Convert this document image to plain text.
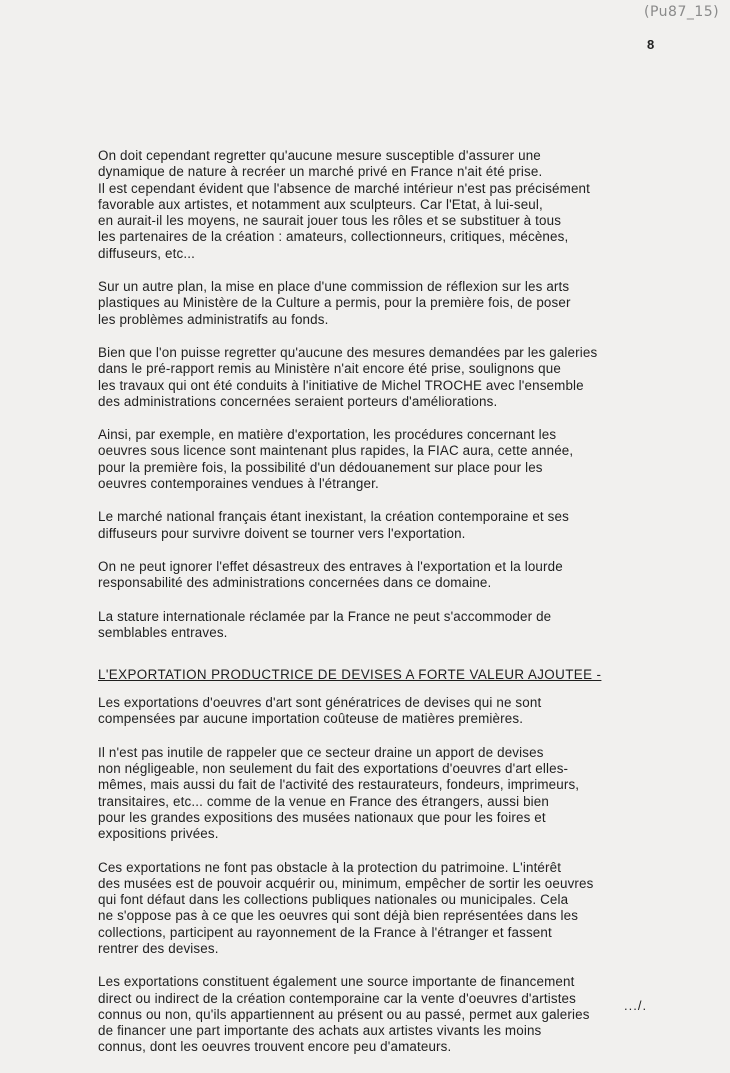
(Pu87_15)
8
On doit cependant regretter qu'aucune mesure susceptible d'assurer une
dynamique de nature à recréer un marché privé en France n'ait été prise.
Il est cependant évident que l'absence de marché intérieur n'est pas précisément
favorable aux artistes, et notamment aux sculpteurs. Car l'Etat, à lui-seul,
en aurait-il les moyens, ne saurait jouer tous les rôles et se substituer à tous
les partenaires de la création : amateurs, collectionneurs, critiques, mécènes,
diffuseurs, etc...
Sur un autre plan, la mise en place d'une commission de réflexion sur les arts
plastiques au Ministère de la Culture a permis, pour la première fois, de poser
les problèmes administratifs au fonds.
Bien que l'on puisse regretter qu'aucune des mesures demandées par les galeries
dans le pré-rapport remis au Ministère n'ait encore été prise, soulignons que
les travaux qui ont été conduits à l'initiative de Michel TROCHE avec l'ensemble
des administrations concernées seraient porteurs d'améliorations.
Ainsi, par exemple, en matière d'exportation, les procédures concernant les
oeuvres sous licence sont maintenant plus rapides, la FIAC aura, cette année,
pour la première fois, la possibilité d'un dédouanement sur place pour les
oeuvres contemporaines vendues à l'étranger.
Le marché national français étant inexistant, la création contemporaine et ses
diffuseurs pour survivre doivent se tourner vers l'exportation.
On ne peut ignorer l'effet désastreux des entraves à l'exportation et la lourde
responsabilité des administrations concernées dans ce domaine.
La stature internationale réclamée par la France ne peut s'accommoder de
semblables entraves.
L'EXPORTATION PRODUCTRICE DE DEVISES A FORTE VALEUR AJOUTEE -
Les exportations d'oeuvres d'art sont génératrices de devises qui ne sont
compensées par aucune importation coûteuse de matières premières.
Il n'est pas inutile de rappeler que ce secteur draine un apport de devises
non négligeable, non seulement du fait des exportations d'oeuvres d'art elles-
mêmes, mais aussi du fait de l'activité des restaurateurs, fondeurs, imprimeurs,
transitaires, etc... comme de la venue en France des étrangers, aussi bien
pour les grandes expositions des musées nationaux que pour les foires et
expositions privées.
Ces exportations ne font pas obstacle à la protection du patrimoine. L'intérêt
des musées est de pouvoir acquérir ou, minimum, empêcher de sortir les oeuvres
qui font défaut dans les collections publiques nationales ou municipales. Cela
ne s'oppose pas à ce que les oeuvres qui sont déjà bien représentées dans les
collections, participent au rayonnement de la France à l'étranger et fassent
rentrer des devises.
Les exportations constituent également une source importante de financement
direct ou indirect de la création contemporaine car la vente d'oeuvres d'artistes
connus ou non, qu'ils appartiennent au présent ou au passé, permet aux galeries
de financer une part importante des achats aux artistes vivants les moins
connus, dont les oeuvres trouvent encore peu d'amateurs.
.../.
